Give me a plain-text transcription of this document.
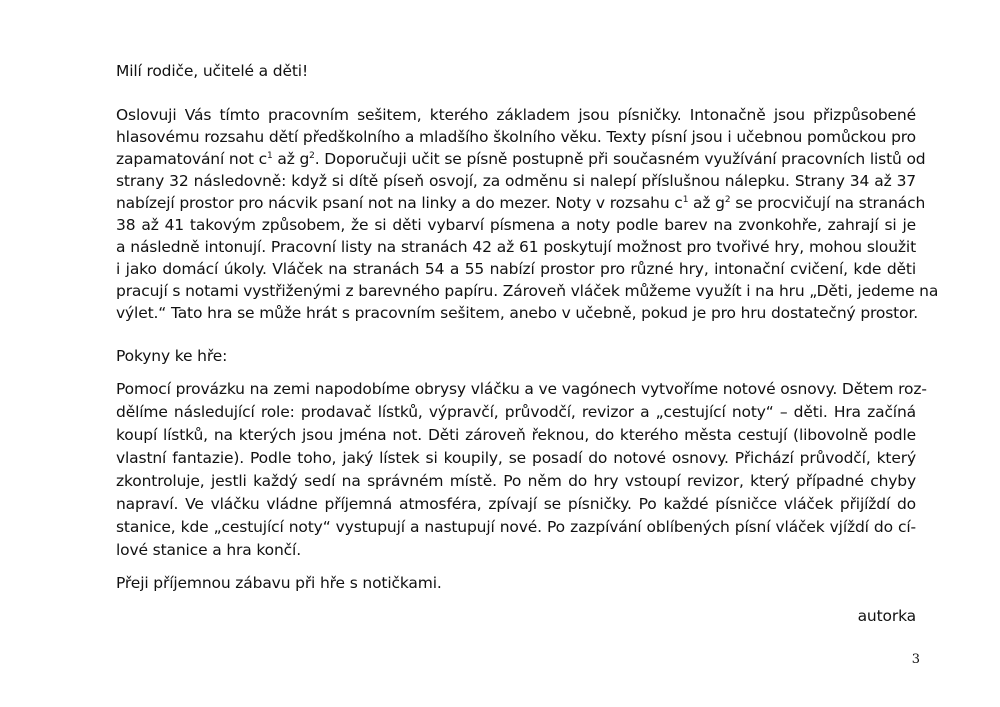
Milí rodiče, učitelé a děti!
Oslovuji Vás tímto pracovním sešitem, kterého základem jsou písničky. Intonačně jsou přizpůsobené
hlasovému rozsahu dětí předškolního a mladšího školního věku. Texty písní jsou i učebnou pomůckou pro
zapamatování not $c^1$ až $g^2$. Doporučuji učit se písně postupně při současném využívání pracovních listů od
strany 32 následovně: když si dítě píseň osvojí, za odměnu si nalepí příslušnou nálepku. Strany 34 až 37
nabízejí prostor pro nácvik psaní not na linky a do mezer. Noty v rozsahu $c^1$ až $g^2$ se procvičují na stranách
38 až 41 takovým způsobem, že si děti vybarví písmena a noty podle barev na zvonkohře, zahrají si je
a následně intonují. Pracovní listy na stranách 42 až 61 poskytují možnost pro tvořivé hry, mohou sloužit
i jako domácí úkoly. Vláček na stranách 54 a 55 nabízí prostor pro různé hry, intonační cvičení, kde děti
pracují s notami vystřiženými z barevného papíru. Zároveň vláček můžeme využít i na hru „Děti, jedeme na
výlet.“ Tato hra se může hrát s pracovním sešitem, anebo v učebně, pokud je pro hru dostatečný prostor.
Pokyny ke hře:
Pomocí provázku na zemi napodobíme obrysy vláčku a ve vagónech vytvoříme notové osnovy. Dětem roz-
dělíme následující role: prodavač lístků, výpravčí, průvodčí, revizor a „cestující noty“ – děti. Hra začíná
koupí lístků, na kterých jsou jména not. Děti zároveň řeknou, do kterého města cestují (libovolně podle
vlastní fantazie). Podle toho, jaký lístek si koupily, se posadí do notové osnovy. Přichází průvodčí, který
zkontroluje, jestli každý sedí na správném místě. Po něm do hry vstoupí revizor, který případné chyby
napraví. Ve vláčku vládne příjemná atmosféra, zpívají se písničky. Po každé písničce vláček přijíždí do
stanice, kde „cestující noty“ vystupují a nastupují nové. Po zazpívání oblíbených písní vláček vjíždí do cí-
lové stanice a hra končí.
Přeji příjemnou zábavu při hře s notičkami.
autorka
3
